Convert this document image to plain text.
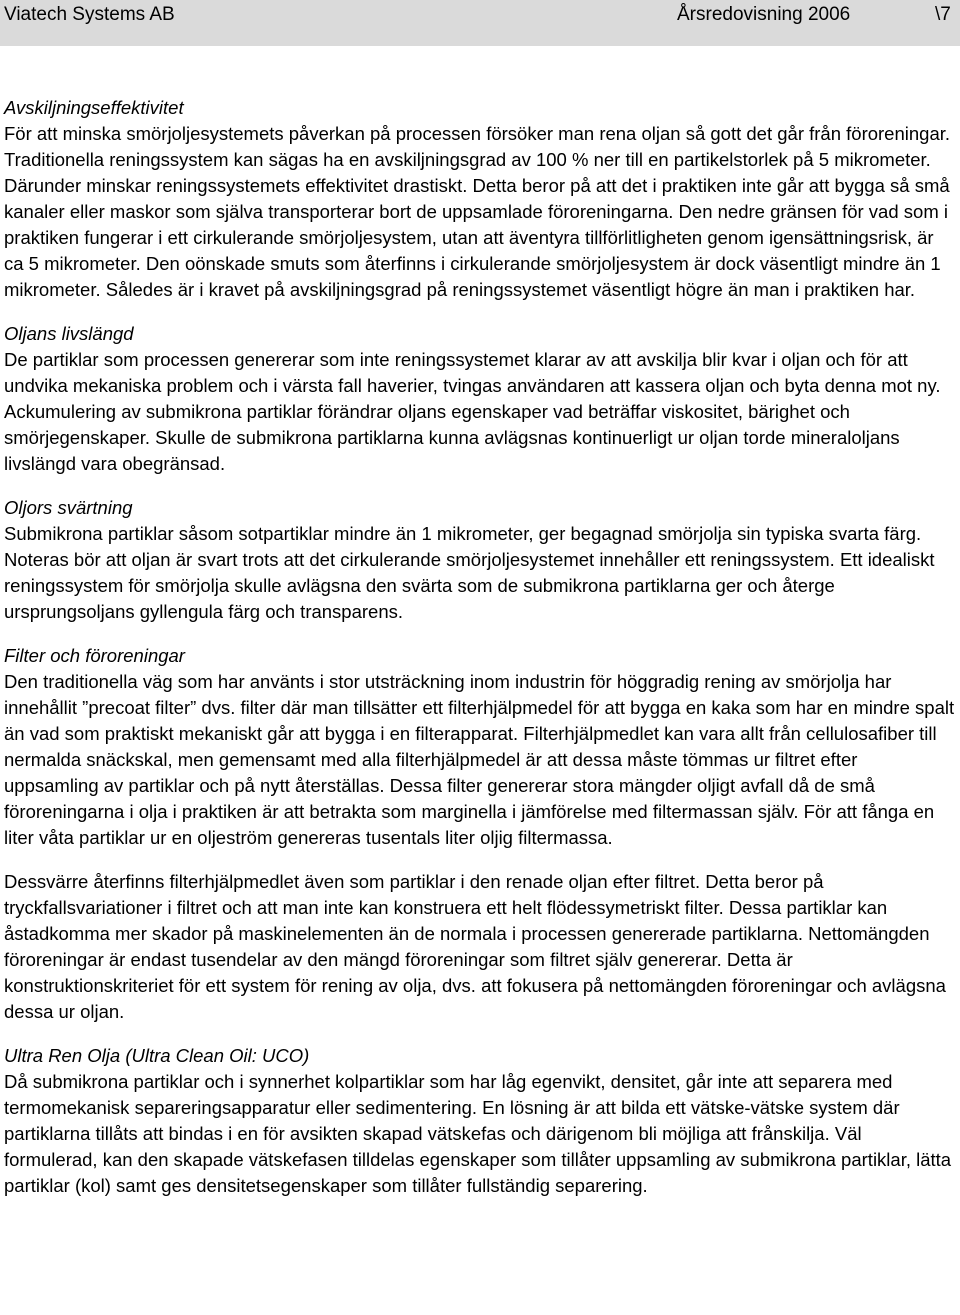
Viatech Systems AB	Årsredovisning 2006	\7

Avskiljningseffektivitet

För att minska smörjoljesystemets påverkan på processen försöker man rena oljan så gott det går från föroreningar. Traditionella reningssystem kan sägas ha en avskiljningsgrad av 100 % ner till en partikelstorlek på 5 mikrometer. Därunder minskar reningssystemets effektivitet drastiskt. Detta beror på att det i praktiken inte går att bygga så små kanaler eller maskor som själva transporterar bort de uppsamlade föroreningarna. Den nedre gränsen för vad som i praktiken fungerar i ett cirkulerande smörjoljesystem, utan att äventyra tillförlitligheten genom igensättningsrisk, är ca 5 mikrometer. Den oönskade smuts som återfinns i cirkulerande smörjoljesystem är dock väsentligt mindre än 1 mikrometer. Således är i kravet på avskiljningsgrad på reningssystemet väsentligt högre än man i praktiken har.

Oljans livslängd

De partiklar som processen genererar som inte reningssystemet klarar av att avskilja blir kvar i oljan och för att undvika mekaniska problem och i värsta fall haverier, tvingas användaren att kassera oljan och byta denna mot ny. Ackumulering av submikrona partiklar förändrar oljans egenskaper vad beträffar viskositet, bärighet och smörjegenskaper. Skulle de submikrona partiklarna kunna avlägsnas kontinuerligt ur oljan torde mineraloljans livslängd vara obegränsad.

Oljors svärtning

Submikrona partiklar såsom sotpartiklar mindre än 1 mikrometer, ger begagnad smörjolja sin typiska svarta färg. Noteras bör att oljan är svart trots att det cirkulerande smörjoljesystemet innehåller ett reningssystem. Ett idealiskt reningssystem för smörjolja skulle avlägsna den svärta som de submikrona partiklarna ger och återge ursprungsoljans gyllengula färg och transparens.

Filter och föroreningar

Den traditionella väg som har använts i stor utsträckning inom industrin för höggradig rening av smörjolja har innehållit ”precoat filter” dvs. filter där man tillsätter ett filterhjälpmedel för att bygga en kaka som har en mindre spalt än vad som praktiskt mekaniskt går att bygga i en filterapparat. Filterhjälpmedlet kan vara allt från cellulosafiber till nermalda snäckskal, men gemensamt med alla filterhjälpmedel är att dessa måste tömmas ur filtret efter uppsamling av partiklar och på nytt återställas. Dessa filter genererar stora mängder oljigt avfall då de små föroreningarna i olja i praktiken är att betrakta som marginella i jämförelse med filtermassan själv. För att fånga en liter våta partiklar ur en oljeström genereras tusentals liter oljig filtermassa.

Dessvärre återfinns filterhjälpmedlet även som partiklar i den renade oljan efter filtret. Detta beror på tryckfallsvariationer i filtret och att man inte kan konstruera ett helt flödessymetriskt filter. Dessa partiklar kan åstadkomma mer skador på maskinelementen än de normala i processen genererade partiklarna. Nettomängden föroreningar är endast tusendelar av den mängd föroreningar som filtret själv genererar. Detta är konstruktionskriteriet för ett system för rening av olja, dvs. att fokusera på nettomängden föroreningar och avlägsna dessa ur oljan.

Ultra Ren Olja (Ultra Clean Oil: UCO)

Då submikrona partiklar och i synnerhet kolpartiklar som har låg egenvikt, densitet, går inte att separera med termomekanisk separeringsapparatur eller sedimentering. En lösning är att bilda ett vätske-vätske system där partiklarna tillåts att bindas i en för avsikten skapad vätskefas och därigenom bli möjliga att frånskilja. Väl formulerad, kan den skapade vätskefasen tilldelas egenskaper som tillåter uppsamling av submikrona partiklar, lätta partiklar (kol) samt ges densitetsegenskaper som tillåter fullständig separering.
